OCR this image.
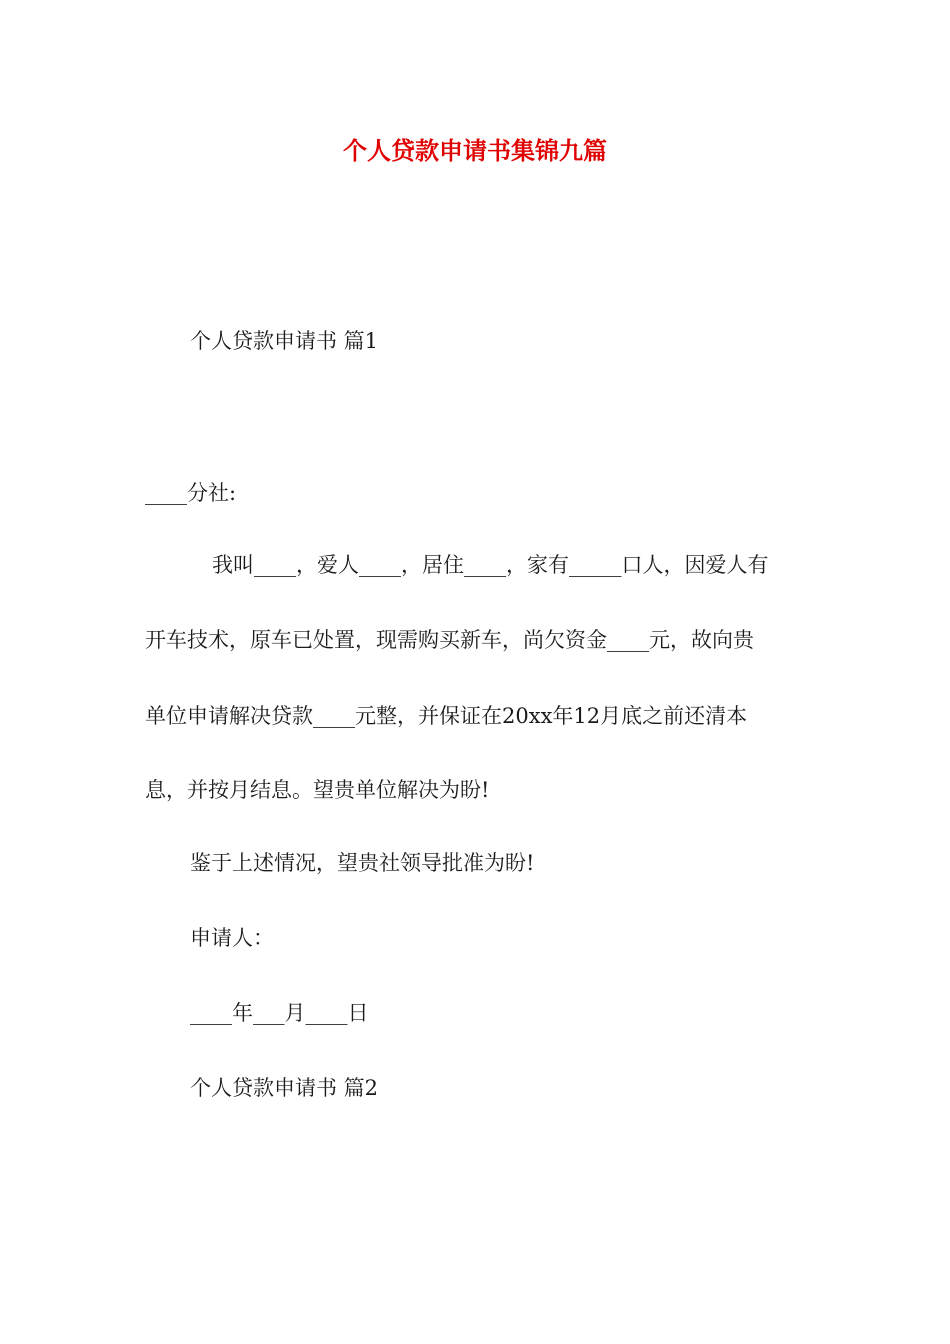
个人贷款申请书集锦九篇
个人贷款申请书 篇1
____分社:
我叫____，爱人____，居住____，家有_____口人，因爱人有
开车技术，原车已处置，现需购买新车，尚欠资金____元，故向贵
单位申请解决贷款____元整，并保证在20xx年12月底之前还清本
息，并按月结息。望贵单位解决为盼!
鉴于上述情况，望贵社领导批准为盼!
申请人：
____年___月____日
个人贷款申请书 篇2
